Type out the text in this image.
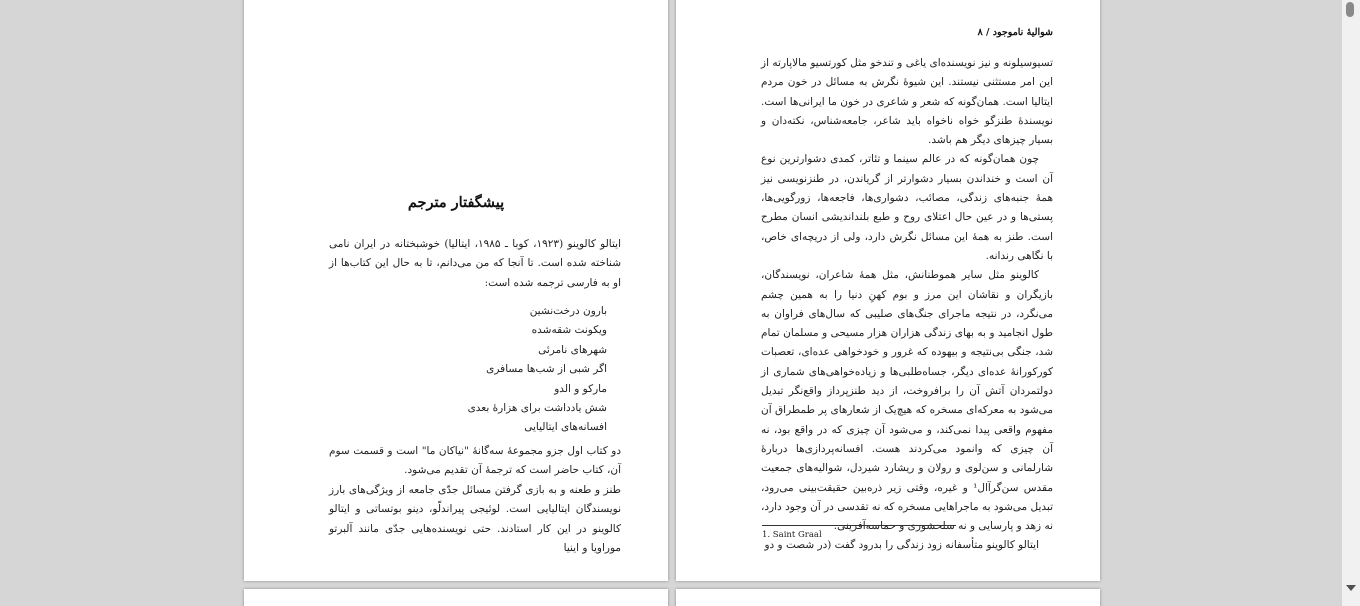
پیشگفتار مترجم
ایتالو کالوینو (۱۹۲۳، کوبا ـ ۱۹۸۵، ایتالیا) خوشبختانه در ایران نامی شناخته شده است. تا آنجا که من می‌دانم، تا به حال این کتاب‌ها از او به فارسی ترجمه شده است:
بارون درخت‌نشین
ویکونت شقه‌شده
شهرهای نامرئی
اگر شبی از شب‌ها مسافری
مارکو و الدو
شش یادداشت برای هزارهٔ بعدی
افسانه‌های ایتالیایی
دو کتاب اول جزو مجموعهٔ سه‌گانهٔ "نیاکان ما" است و قسمت سوم آن، کتاب حاضر است که ترجمهٔ آن تقدیم می‌شود.
طنز و طعنه و به بازی گرفتن مسائل جدّی جامعه از ویژگی‌های بارز نویسندگان ایتالیایی است. لوئیجی پیراندلّو، دینو بوتساتی و ایتالو کالوینو در این کار استادند. حتی نویسنده‌هایی جدّی مانند آلبرتو موراویا و اینیا
شوالیهٔ ناموجود / ۸

تسیوسیلونه و نیز نویسنده‌ای یاغی و تندخو مثل کورتسیو مالاپارته از این امر مستثنی نیستند. این شیوهٔ نگرش به مسائل در خون مردم ایتالیا است. همان‌گونه که شعر و شاعری در خون ما ایرانی‌ها است. نویسندهٔ طنزگو خواه ناخواه باید شاعر، جامعه‌شناس، نکته‌دان و بسیار چیزهای دیگر هم باشد.

چون همان‌گونه که در عالم سینما و تئاتر، کمدی دشوارترین نوع آن است و خنداندن بسیار دشوارتر از گریاندن، در طنزنویسی نیز همهٔ جنبه‌های زندگی، مصائب، دشواری‌ها، فاجعه‌ها، زورگویی‌ها، پستی‌ها و در عین حال اعتلای روح و طبع بلنداندیشی انسان مطرح است. طنز به همهٔ این مسائل نگرش دارد، ولی از دریچه‌ای خاص، با نگاهی رندانه.

کالوینو مثل سایر هموطنانش، مثل همهٔ شاعران، نویسندگان، بازیگران و نقاشان این مرز و بوم کهنِ دنیا را به همین چشم می‌نگرد، در نتیجه ماجرای جنگ‌های صلیبی که سال‌های فراوان به طول انجامید و به بهای زندگی هزاران هزار مسیحی و مسلمان تمام شد، جنگی بی‌نتیجه و بیهوده که غرور و خودخواهی عده‌ای، تعصبات کورکورانهٔ عده‌ای دیگر، جساه‌طلبی‌ها و زیاده‌خواهی‌های شماری از دولتمردان آتش آن را برافروخت، از دید طنزپرداز واقع‌نگر تبدیل می‌شود به معرکه‌ای مسخره که هیچ‌یک از شعارهای پر طمطراق آن مفهوم واقعی پیدا نمی‌کند، و می‌شود آن چیزی که در واقع بود، نه آن چیزی که وانمود می‌کردند هست. افسانه‌پردازی‌ها دربارهٔ شارلمانی و سن‌لوی و رولان و ریشارد شیردل، شوالیه‌های جمعیت مقدس سن‌گرآال¹ و غیره، وقتی زیر ذره‌بین حقیقت‌بینی می‌رود، تبدیل می‌شود به ماجراهایی مسخره که نه تقدسی در آن وجود دارد، نه زهد و پارسایی و نه سلحشوری و حماسه‌آفرینی.

ایتالو کالوینو متأسفانه زود زندگی را بدرود گفت (در شصت و دو

1. Saint Graal
